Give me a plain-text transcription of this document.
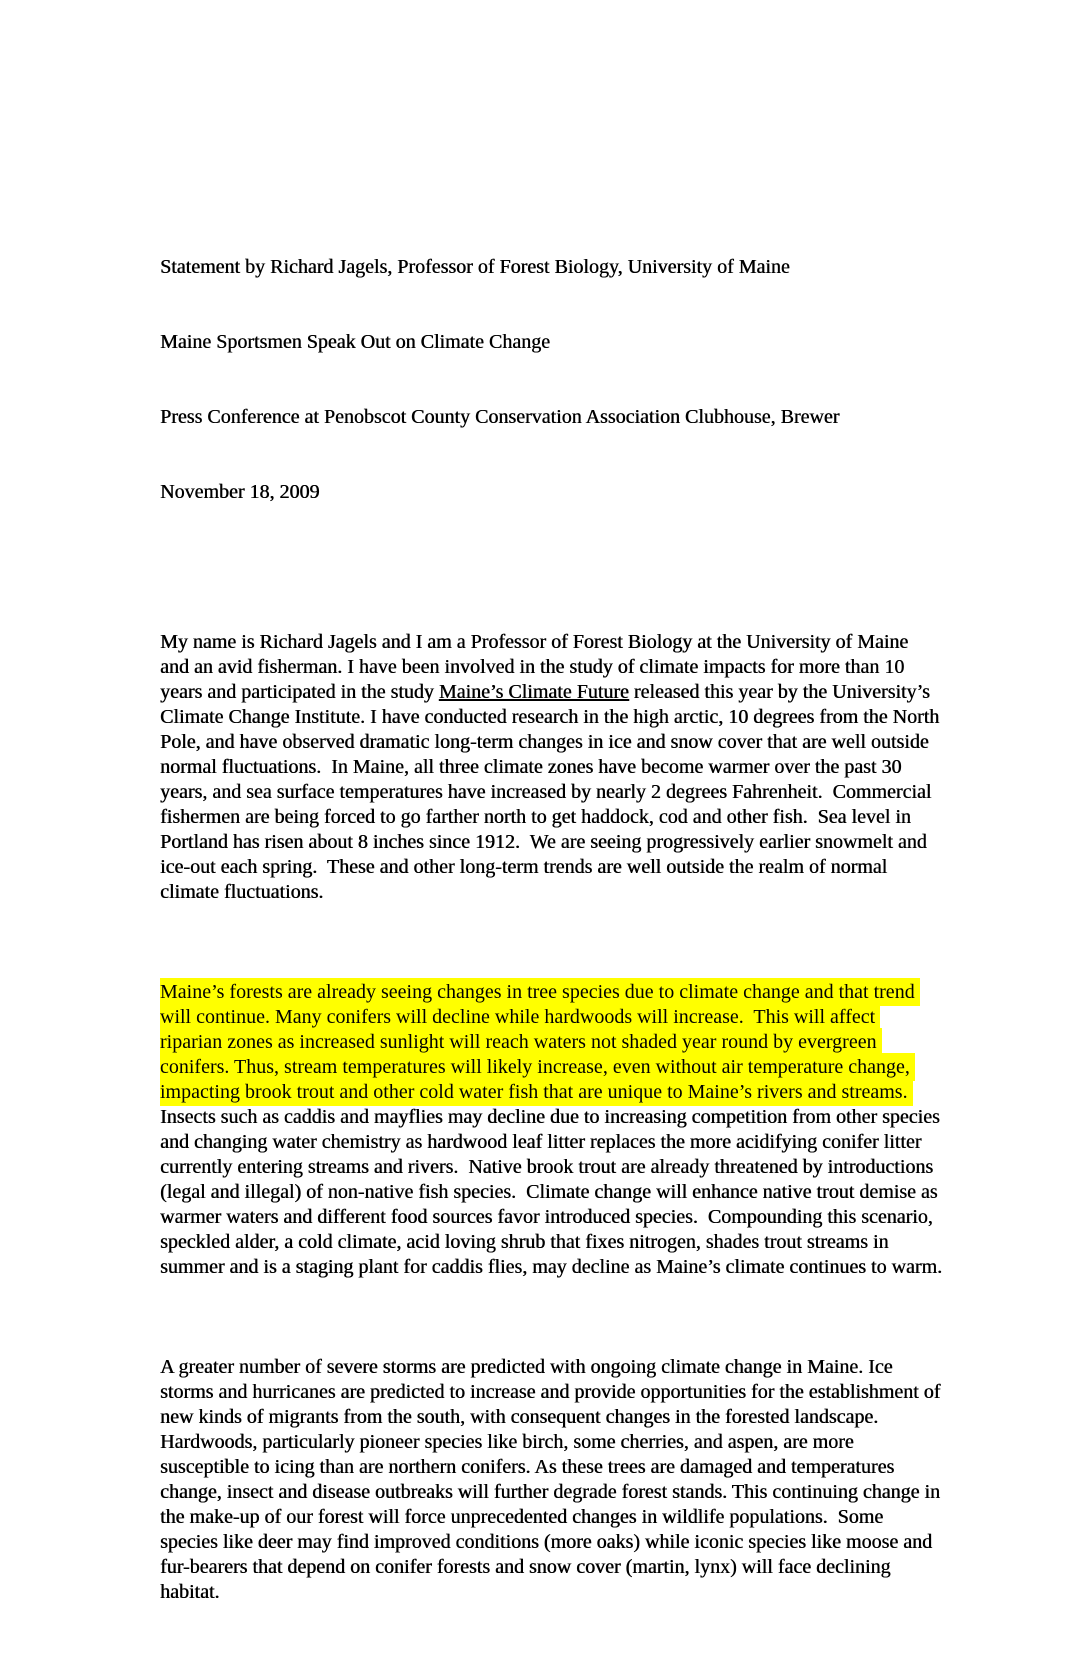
Statement by Richard Jagels, Professor of Forest Biology, University of Maine

Maine Sportsmen Speak Out on Climate Change

Press Conference at Penobscot County Conservation Association Clubhouse, Brewer

November 18, 2009

My name is Richard Jagels and I am a Professor of Forest Biology at the University of Maine and an avid fisherman. I have been involved in the study of climate impacts for more than 10 years and participated in the study Maine’s Climate Future released this year by the University’s Climate Change Institute. I have conducted research in the high arctic, 10 degrees from the North Pole, and have observed dramatic long-term changes in ice and snow cover that are well outside normal fluctuations.  In Maine, all three climate zones have become warmer over the past 30 years, and sea surface temperatures have increased by nearly 2 degrees Fahrenheit.  Commercial fishermen are being forced to go farther north to get haddock, cod and other fish.  Sea level in Portland has risen about 8 inches since 1912.  We are seeing progressively earlier snowmelt and ice-out each spring.  These and other long-term trends are well outside the realm of normal climate fluctuations.

Maine’s forests are already seeing changes in tree species due to climate change and that trend will continue. Many conifers will decline while hardwoods will increase.  This will affect riparian zones as increased sunlight will reach waters not shaded year round by evergreen conifers. Thus, stream temperatures will likely increase, even without air temperature change, impacting brook trout and other cold water fish that are unique to Maine’s rivers and streams.  Insects such as caddis and mayflies may decline due to increasing competition from other species and changing water chemistry as hardwood leaf litter replaces the more acidifying conifer litter currently entering streams and rivers.  Native brook trout are already threatened by introductions (legal and illegal) of non-native fish species.  Climate change will enhance native trout demise as warmer waters and different food sources favor introduced species.  Compounding this scenario, speckled alder, a cold climate, acid loving shrub that fixes nitrogen, shades trout streams in summer and is a staging plant for caddis flies, may decline as Maine’s climate continues to warm.

A greater number of severe storms are predicted with ongoing climate change in Maine. Ice storms and hurricanes are predicted to increase and provide opportunities for the establishment of new kinds of migrants from the south, with consequent changes in the forested landscape. Hardwoods, particularly pioneer species like birch, some cherries, and aspen, are more susceptible to icing than are northern conifers. As these trees are damaged and temperatures change, insect and disease outbreaks will further degrade forest stands. This continuing change in the make-up of our forest will force unprecedented changes in wildlife populations.  Some species like deer may find improved conditions (more oaks) while iconic species like moose and fur-bearers that depend on conifer forests and snow cover (martin, lynx) will face declining habitat.
